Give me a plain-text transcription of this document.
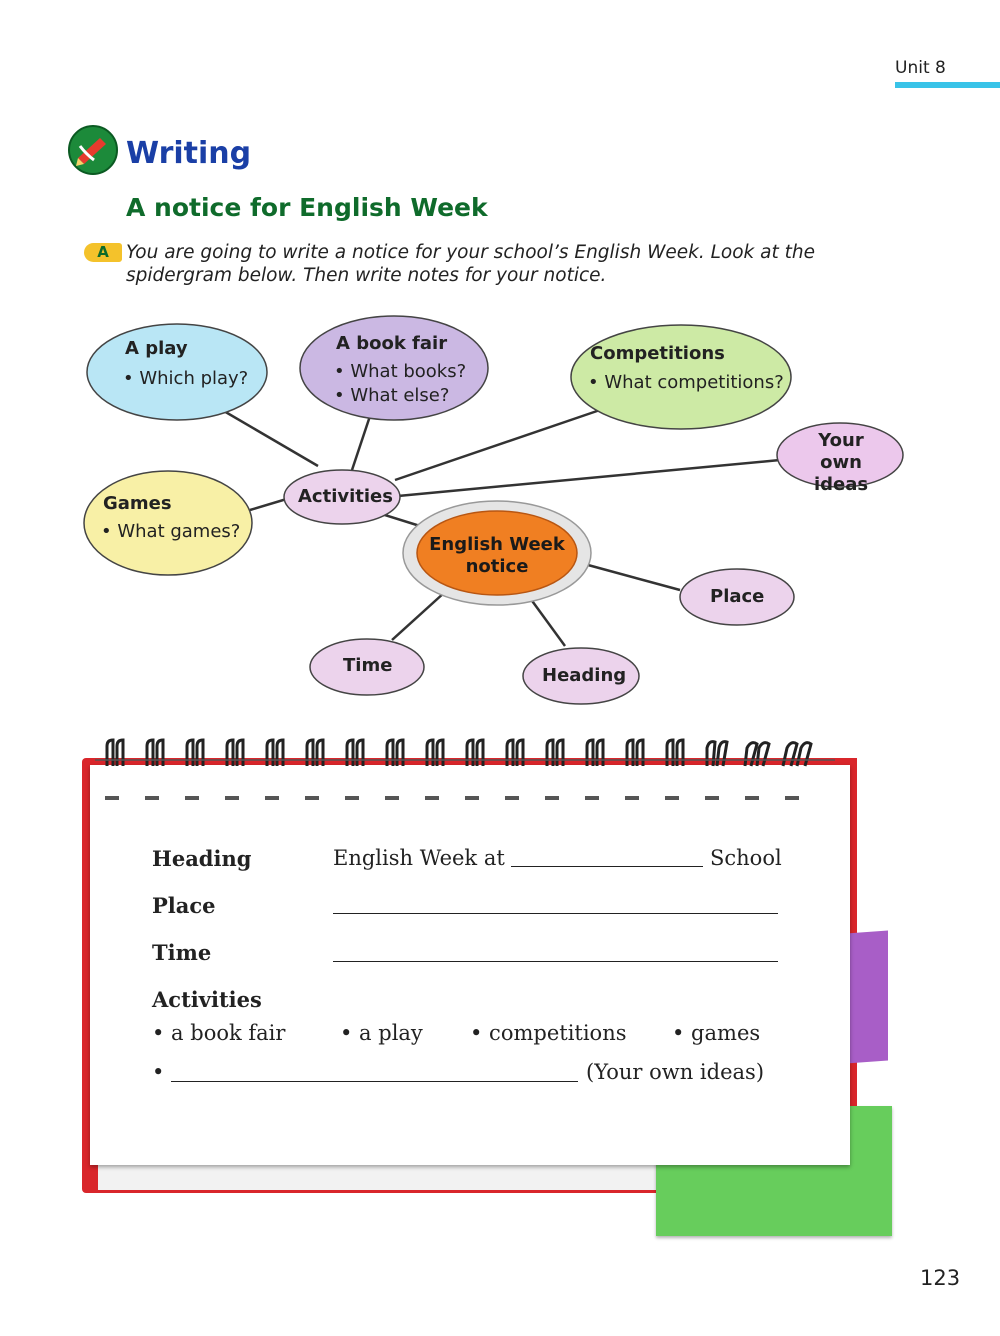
Unit 8
Writing
A notice for English Week
A You are going to write a notice for your school’s English Week. Look at the spidergram below. Then write notes for your notice.
A play
• Which play?
A book fair
• What books?
• What else?
Competitions
• What competitions?
Your
own ideas
Games
• What games?
Activities
English Week
notice
Place
Time	Heading
Heading	English Week at	School
Place
Time
Activities
• a book fair	• a play • competitions • games
•	(Your own ideas)
123
